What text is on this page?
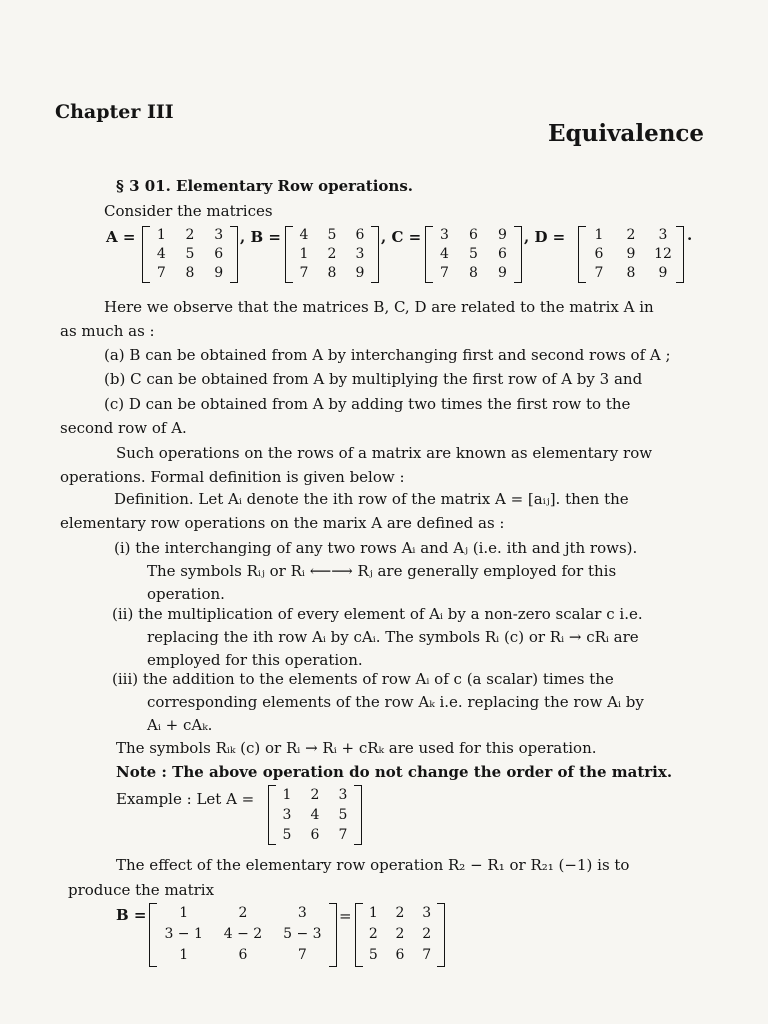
Chapter III
Equivalence
§ 3 01. Elementary Row operations.
Consider the matrices
A =	1	2	3
4	5	6
7	8	9
, B =	4	5	6
1	2	3
7	8	9
, C =	3	6	9
4	5	6
7	8	9
, D =	1	2	3
6	9	12
7	8	9
.
Here we observe that the matrices B, C, D are related to the matrix A in
as much as :
(a) B can be obtained from A by interchanging first and second rows of A ;
(b) C can be obtained from A by multiplying the first row of A by 3 and
(c) D can be obtained from A by adding two times the first row to the
second row of A.
Such operations on the rows of a matrix are known as elementary row
operations. Formal definition is given below :
Definition. Let Aᵢ denote the ith row of the matrix A = [aᵢⱼ]. then the
elementary row operations on the marix A are defined as :
(i) the interchanging of any two rows Aᵢ and Aⱼ (i.e. ith and jth rows).
The symbols Rᵢⱼ or Rᵢ ⟵⟶ Rⱼ are generally employed for this
operation.
(ii) the multiplication of every element of Aᵢ by a non-zero scalar c i.e.
replacing the ith row Aᵢ by cAᵢ. The symbols Rᵢ (c) or Rᵢ → cRᵢ are
employed for this operation.
(iii) the addition to the elements of row Aᵢ of c (a scalar) times the
corresponding elements of the row Aₖ i.e. replacing the row Aᵢ by
Aᵢ + cAₖ.
The symbols Rᵢₖ (c) or Rᵢ → Rᵢ + cRₖ are used for this operation.
Note : The above operation do not change the order of the matrix.
Example : Let A =	1	2	3
3	4	5
5	6	7
The effect of the elementary row operation R₂ − R₁ or R₂₁ (−1) is to
produce the matrix
B =	1	2	3
3 − 1	4 − 2	5 − 3
1	6	7
=	1	2	3
2	2	2
5	6	7
